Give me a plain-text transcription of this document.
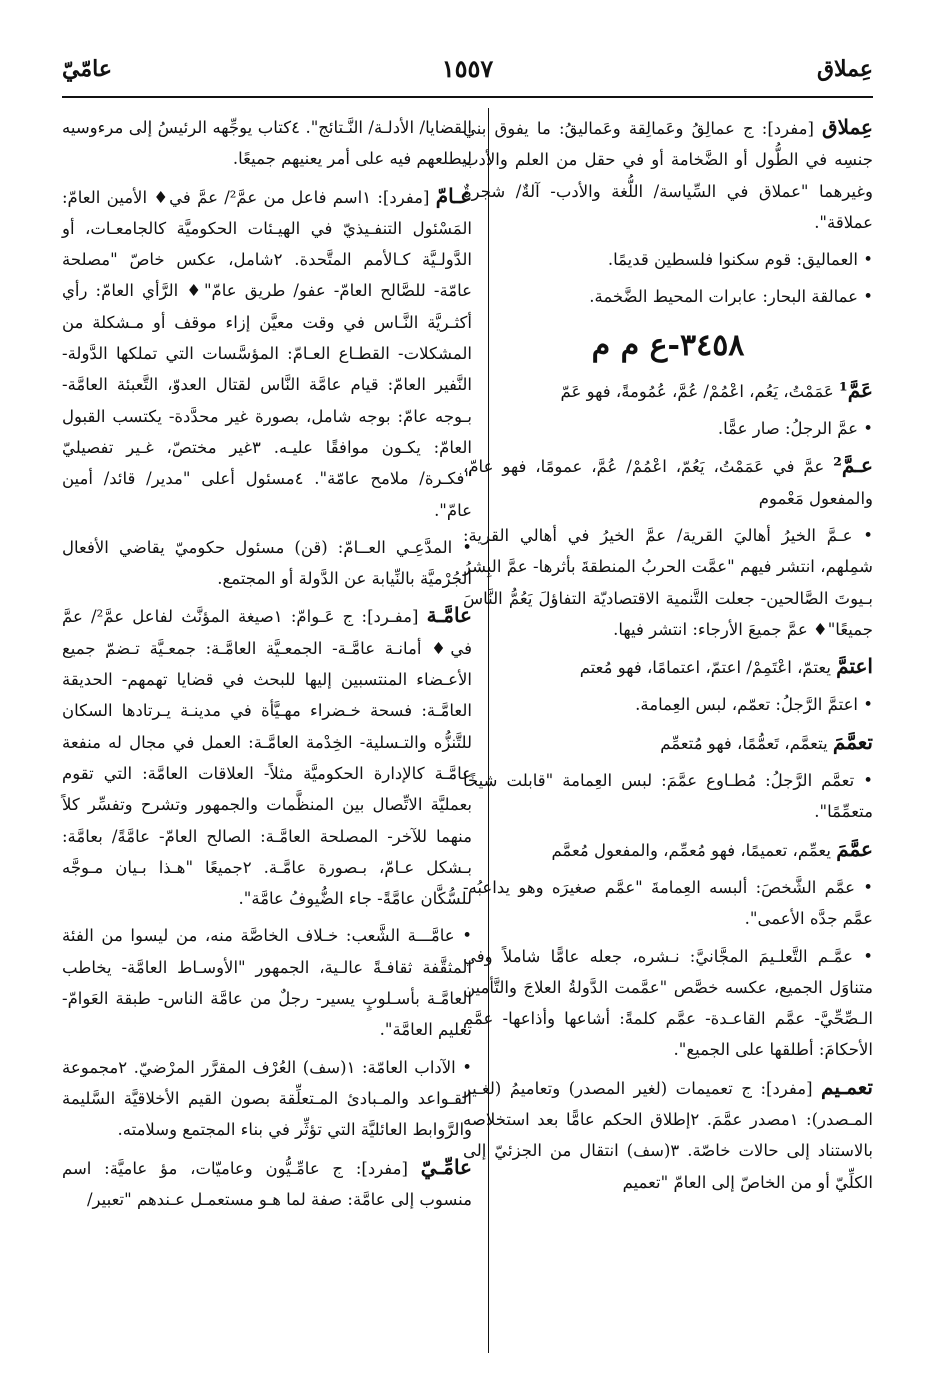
عِملاق
١٥٥٧
عامّيّ

عِملاق [مفرد]: ج عمالِقُ وعَمالِقة وعَماليقُ: ما يفوق بني جنسِه في الطُّول أو الضَّخامة أو في حقل من العلم والأدب وغيرهما "عملاق في السِّياسة/ اللُّغة والأدب- آلةٌ/ شجرةٌ عملاقة".

• العماليق: قوم سكنوا فلسطين قديمًا.

• عمالقة البحار: عابرات المحيط الضَّخمة.

٣٤٥٨-ع م م

عَمَّ¹ عَمَمْتُ، يَعُم، اعْمُمْ/ عُمَّ، عُمُومةً، فهو عَمّ

• عمَّ الرجلُ: صار عمًّا.

عـمَّ² عمَّ في عَمَمْتُ، يَعُمّ، اعْمُمْ/ عُمَّ، عمومًا، فهو عامّ، والمفعول مَعْموم

• عـمَّ الخيرُ أهاليَ القرية/ عمَّ الخيرُ في أهالي القرية: شمِلهم، انتشر فيهم "عمَّت الحربُ المنطقةَ بأثرها- عمَّ البِشرُ بـيوتَ الصَّالحين- جعلت التَّنمية الاقتصاديّة التفاؤلَ يَعُمُّ النَّاسَ جميعًا"♦ عمَّ جميعَ الأرجاء: انتشر فيها.

اعتمَّ يعتمّ، اعْتَمِمْ/ اعتمّ، اعتمامًا، فهو مُعتم

• اعتمَّ الرَّجلُ: تعمّم، لبس العِمامة.

تعمَّمَ يتعمَّم، تَعمُّمًا، فهو مُتعمِّم

• تعمَّم الرَّجلُ: مُطـاوع عمَّمَ: لبس العِمامة "قابلت شيخًا متعمِّمًا".

عمَّمَ يعمِّم، تعميمًا، فهو مُعمِّم، والمفعول مُعمَّم

• عمَّم الشَّخصَ: ألبسه العِمامةَ "عمَّم صغيرَه وهو يداعبُه- عمَّم جدَّه الأعمى".

• عمَّـم التَّعلـيمَ المجَّانيَّ: نـشره، جعله عامًّا شاملاً وفي متناوَل الجميع، عكسه خصَّص "عمَّمت الدَّولةُ العلاجَ والتَّأمين الـصِّحِّيَّ- عمَّم القاعـدة- عمَّم كلمةً: أشاعها وأذاعها- عمَّم الأحكامَ: أطلقها على الجميع".

تعمـيم [مفرد]: ج تعميمات (لغير المصدر) وتعاميمُ (لغـير المـصدر): ١مصدر عمَّمَ. ٢إطلاق الحكم عامًّا بعد استخلاصه بالاستناد إلى حالات خاصّة. ٣(سف) انتقال من الجزئيّ إلى الكلِّيّ أو من الخاصّ إلى العامّ "تعميم

القضايا/ الأدلـة/ النَّـتائج". ٤كتاب يوجِّهه الرئيسُ إلى مرءوسيه ليطلعهم فيه على أمر يعنيهم جميعًا.

عـامّ [مفرد]: ١اسم فاعل من عمَّ²/ عمَّ في♦ الأمين العامّ: المَسْئول التنفـيذيّ في الهيـئات الحكوميَّة كالجامعـات، أو الدَّولـيَّة كـالأمم المتَّحدة. ٢شامل، عكس خاصّ "مصلحة عامّة- للصَّالح العامّ- عفو/ طريق عامّ"♦ الرَّأي العامّ: رأي أكثـريَّة النَّـاس في وقت معيَّن إزاء موقف أو مـشكلة من المشكلات- القطـاع العـامّ: المؤسَّسات التي تملكها الدَّولة- النَّفير العامّ: قيام عامَّة النَّاس لقتال العدوّ، التَّعبئة العامَّة- بـوجه عامّ: بوجه شامل، بصورة غير محدَّدة- يكتسب القبول العامّ: يكـون موافقًا عليـه. ٣غير مختصّ، غـير تفصيليّ "فكـرة/ ملامح عامّة". ٤مسئول أعلى "مدير/ قائد/ أمين عامّ".

• المدَّعِـي العــامّ: (قن) مسئول حكوميّ يقاضي الأفعال الجُرْميَّة بالنِّيابة عن الدَّولة أو المجتمع.

عامَّـة [مفـرد]: ج عَـوامّ: ١صيغة المؤنَّث لفاعل عمَّ²/ عمَّ في♦ أمانـة عامَّـة- الجمعـيَّة العامَّـة: جمعـيَّة تـضمّ جميع الأعـضاء المنتسبين إليها للبحث في قضايا تهمهم- الحديقة العامَّـة: فسحة خـضراء مهـيَّأة في مدينـة يـرتادها السكان للتَّنزُّه والتـسلية- الخِدْمة العامَّـة: العمل في مجال له منفعة عامَّـة كالإدارة الحكوميَّة مثلاً- العلاقات العامَّة: التي تقوم بعمليَّة الاتِّصال بين المنظَّمات والجمهور وتشرح وتفسِّر كلاً منهما للآخر- المصلحة العامَّـة: الصالح العامّ- عامَّةً/ بعامَّة: بـشكل عـامّ، بـصورة عامَّـة. ٢جميعًا "هـذا بـيان مـوجَّه للسُّكَّان عامَّةً- جاء الضُّيوفُ عامَّة".

• عامَّـــة الشَّعب: خـلاف الخاصَّة منه، من ليسوا من الفئة المثقَّفة ثقافـةً عالـية، الجمهور "الأوسـاط العامَّة- يخاطب العامَّـة بأسـلوبٍ يسير- رجلٌ من عامَّة الناس- طبقة العَوامّ- تعليم العامَّة".

• الآداب العامّة: ١(سف) العُرْف المقرَّر المرْضيّ. ٢مجموعة القـواعد والمـبادئ المـتعلِّقة بصون القيم الأخلاقيَّة السَّليمة والرَّوابط العائليَّة التي تؤثِّر في بناء المجتمع وسلامته.

عامِّـيّ [مفرد]: ج عامِّـيُّون وعاميّات، مؤ عاميَّة: اسم منسوب إلى عامَّة: صفة لما هـو مستعمـل عـندهم "تعبير/
